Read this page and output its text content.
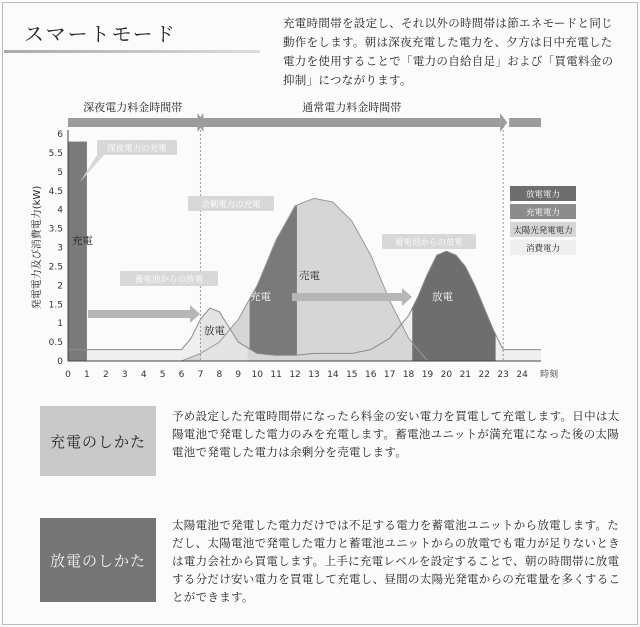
スマートモード	充電時間帯を設定し、それ以外の時間帯は節エネモードと同じ動作をします。朝は深夜充電した電力を、夕方は日中充電した電力を使用することで「電力の自給自足」および「買電料金の抑制」につながります。
0
0.5
1
1.5
2
2.5
3
3.5
4
4.5
5
5.5
6
0 1 2 3 4 5 6 7 8 9 10 11 12 13 14 15 16 17 18 19 20 21 22 23 24 時刻
発電電力及び消費電力(kW)
深夜電力料金時間帯	通常電力料金時間帯
放電電力
充電電力
太陽光発電電力
消費電力
深夜電力の充電
余剰電力の充電
蓄電池からの放電
蓄電池からの放電
充電
放電
充電
売電
放電
充電のしかた
予め設定した充電時間帯になったら料金の安い電力を買電して充電します。日中は太陽電池で発電した電力のみを充電します。蓄電池ユニットが満充電になった後の太陽電池で発電した電力は余剰分を売電します。
放電のしかた
太陽電池で発電した電力だけでは不足する電力を蓄電池ユニットから放電します。ただし、太陽電池で発電した電力と蓄電池ユニットからの放電でも電力が足りないときは電力会社から買電します。上手に充電レベルを設定することで、朝の時間帯に放電する分だけ安い電力を買電して充電し、昼間の太陽光発電からの充電量を多くすることができます。
